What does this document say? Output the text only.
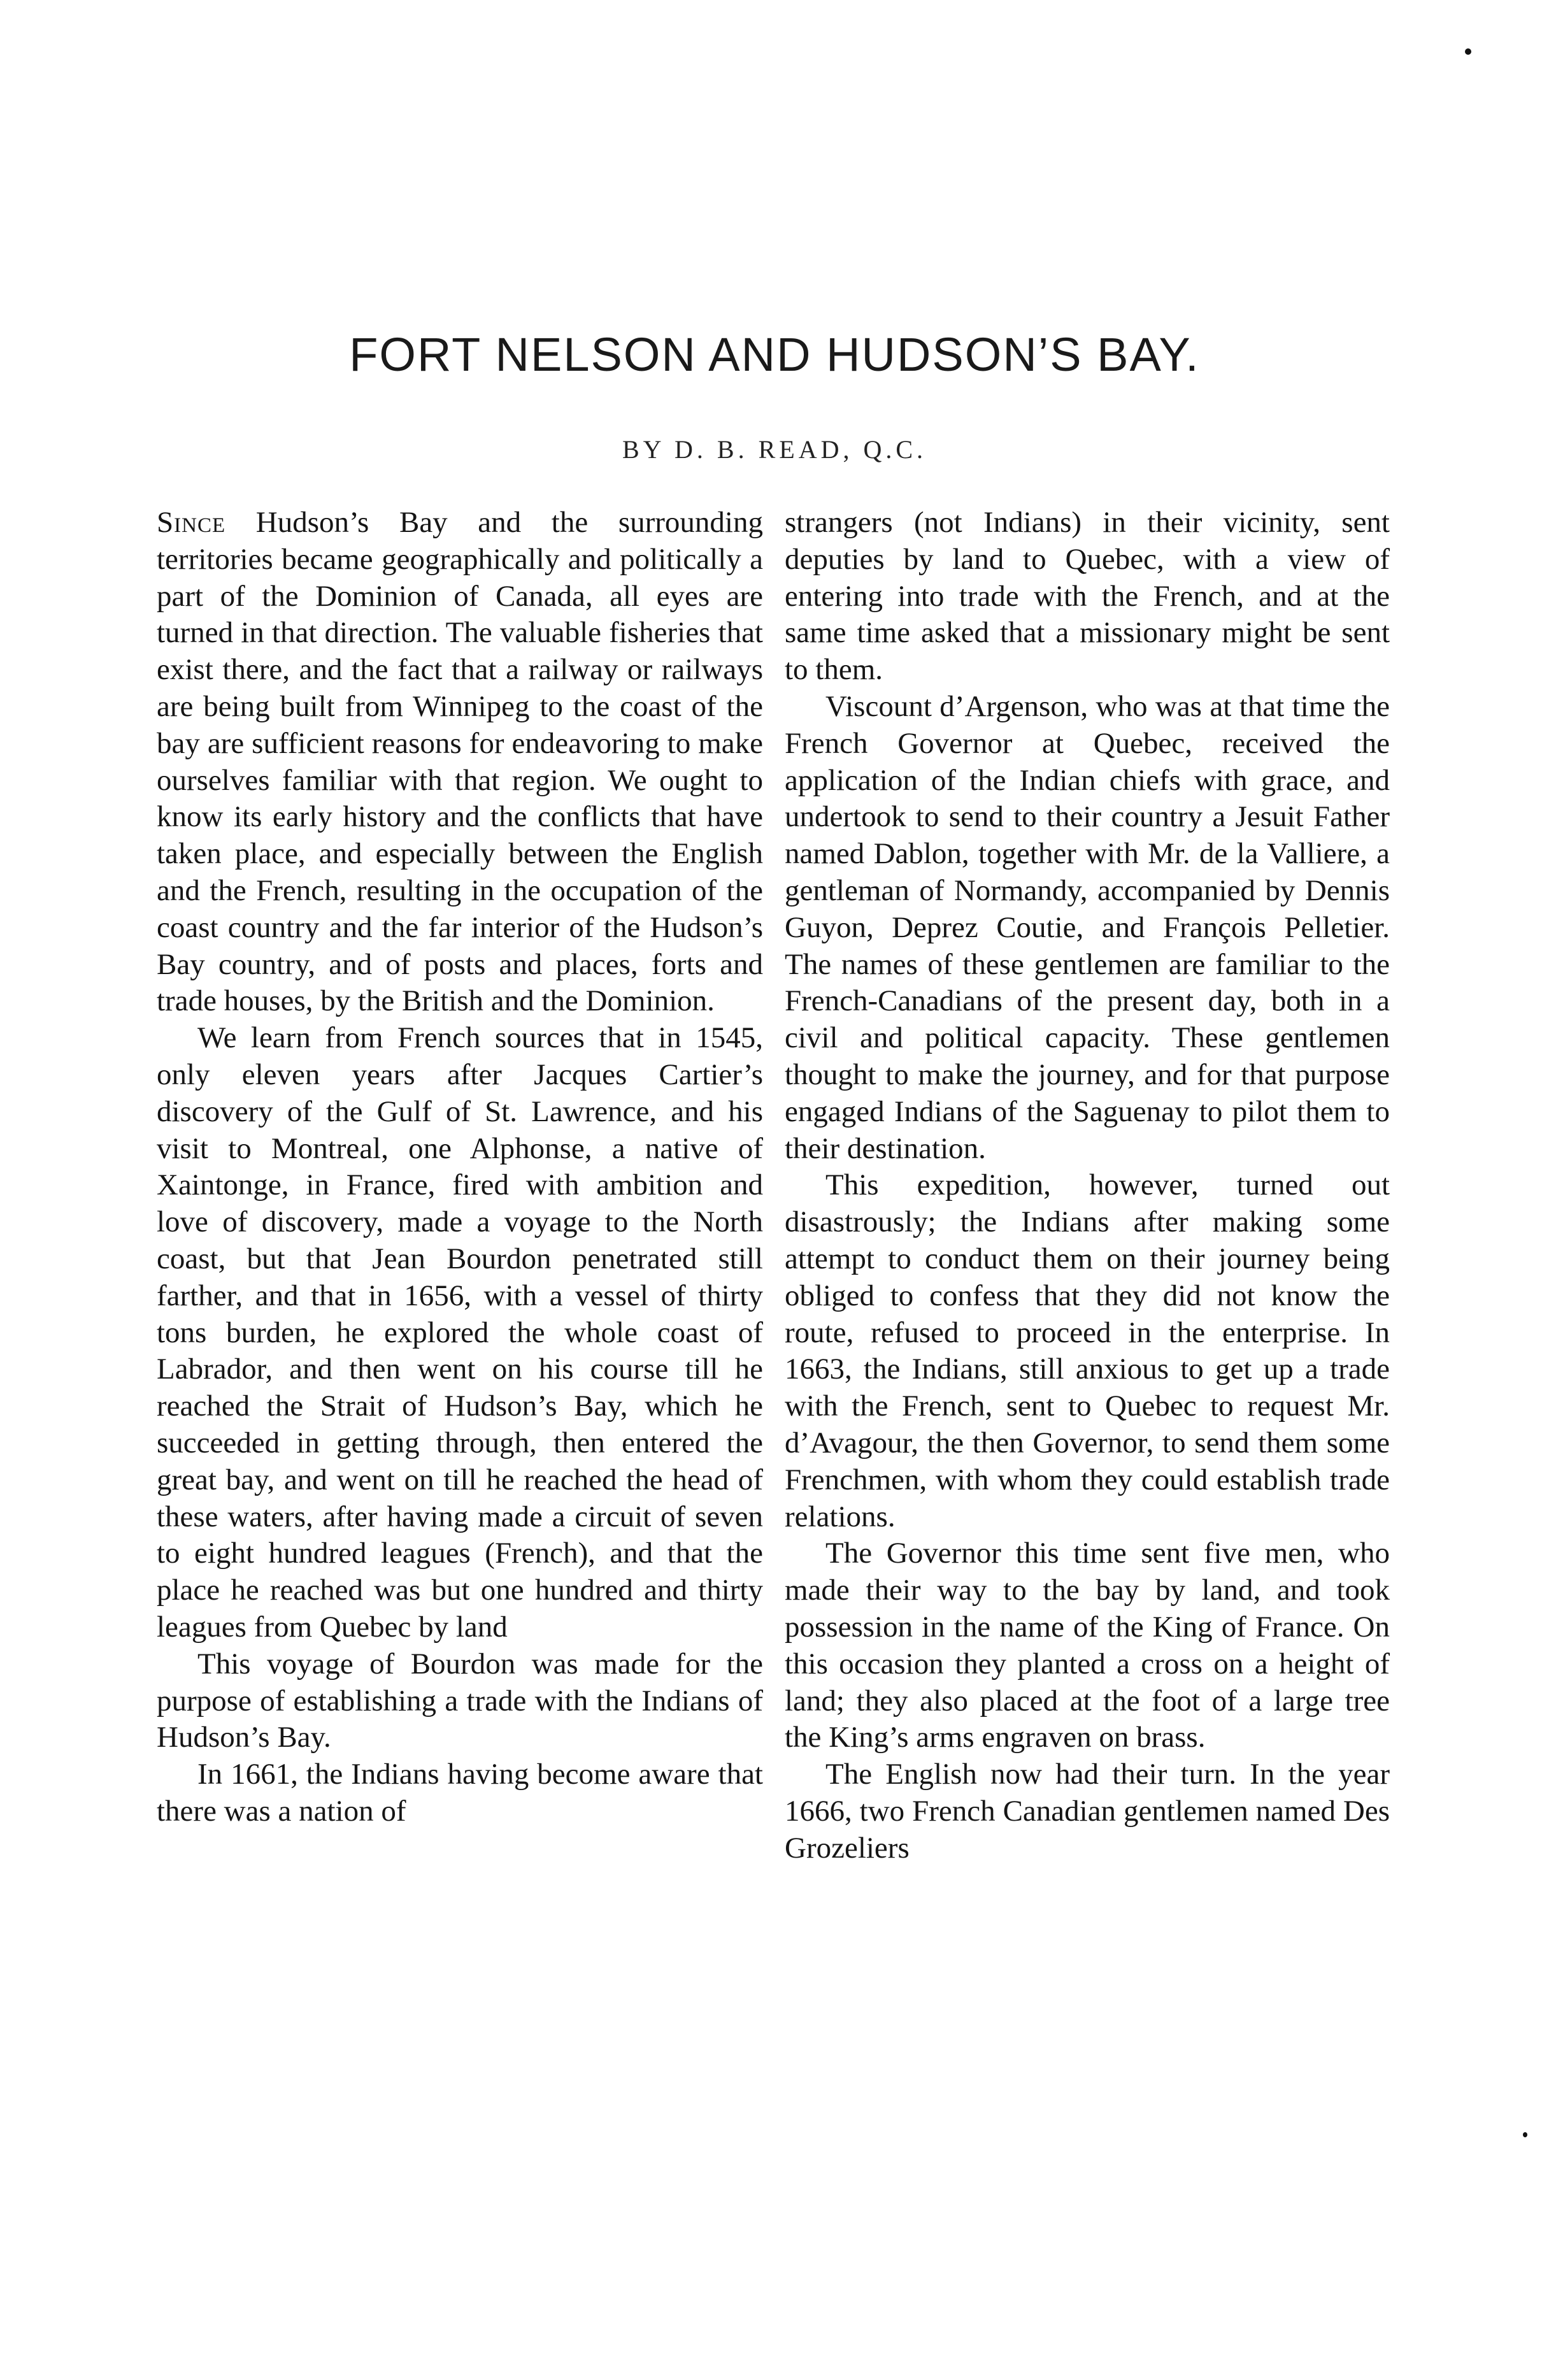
FORT NELSON AND HUDSON’S BAY.
BY D. B. READ, Q.C.

Since Hudson’s Bay and the surrounding territories became geographically and politically a part of the Dominion of Canada, all eyes are turned in that direction. The valuable fisheries that exist there, and the fact that a railway or railways are being built from Winnipeg to the coast of the bay are sufficient reasons for endeavoring to make ourselves familiar with that region. We ought to know its early history and the conflicts that have taken place, and especially between the English and the French, resulting in the occupation of the coast country and the far interior of the Hudson’s Bay country, and of posts and places, forts and trade houses, by the British and the Dominion.

We learn from French sources that in 1545, only eleven years after Jacques Cartier’s discovery of the Gulf of St. Lawrence, and his visit to Montreal, one Alphonse, a native of Xaintonge, in France, fired with ambition and love of discovery, made a voyage to the North coast, but that Jean Bourdon penetrated still farther, and that in 1656, with a vessel of thirty tons burden, he explored the whole coast of Labrador, and then went on his course till he reached the Strait of Hudson’s Bay, which he succeeded in getting through, then entered the great bay, and went on till he reached the head of these waters, after having made a circuit of seven to eight hundred leagues (French), and that the place he reached was but one hundred and thirty leagues from Quebec by land

This voyage of Bourdon was made for the purpose of establishing a trade with the Indians of Hudson’s Bay.

In 1661, the Indians having become aware that there was a nation of

strangers (not Indians) in their vicinity, sent deputies by land to Quebec, with a view of entering into trade with the French, and at the same time asked that a missionary might be sent to them.

Viscount d’Argenson, who was at that time the French Governor at Quebec, received the application of the Indian chiefs with grace, and undertook to send to their country a Jesuit Father named Dablon, together with Mr. de la Valliere, a gentleman of Normandy, accompanied by Dennis Guyon, Deprez Coutie, and François Pelletier. The names of these gentlemen are familiar to the French-Canadians of the present day, both in a civil and political capacity. These gentlemen thought to make the journey, and for that purpose engaged Indians of the Saguenay to pilot them to their destination.

This expedition, however, turned out disastrously; the Indians after making some attempt to conduct them on their journey being obliged to confess that they did not know the route, refused to proceed in the enterprise. In 1663, the Indians, still anxious to get up a trade with the French, sent to Quebec to request Mr. d’Avagour, the then Governor, to send them some Frenchmen, with whom they could establish trade relations.

The Governor this time sent five men, who made their way to the bay by land, and took possession in the name of the King of France. On this occasion they planted a cross on a height of land; they also placed at the foot of a large tree the King’s arms engraven on brass.

The English now had their turn. In the year 1666, two French Canadian gentlemen named Des Grozeliers
